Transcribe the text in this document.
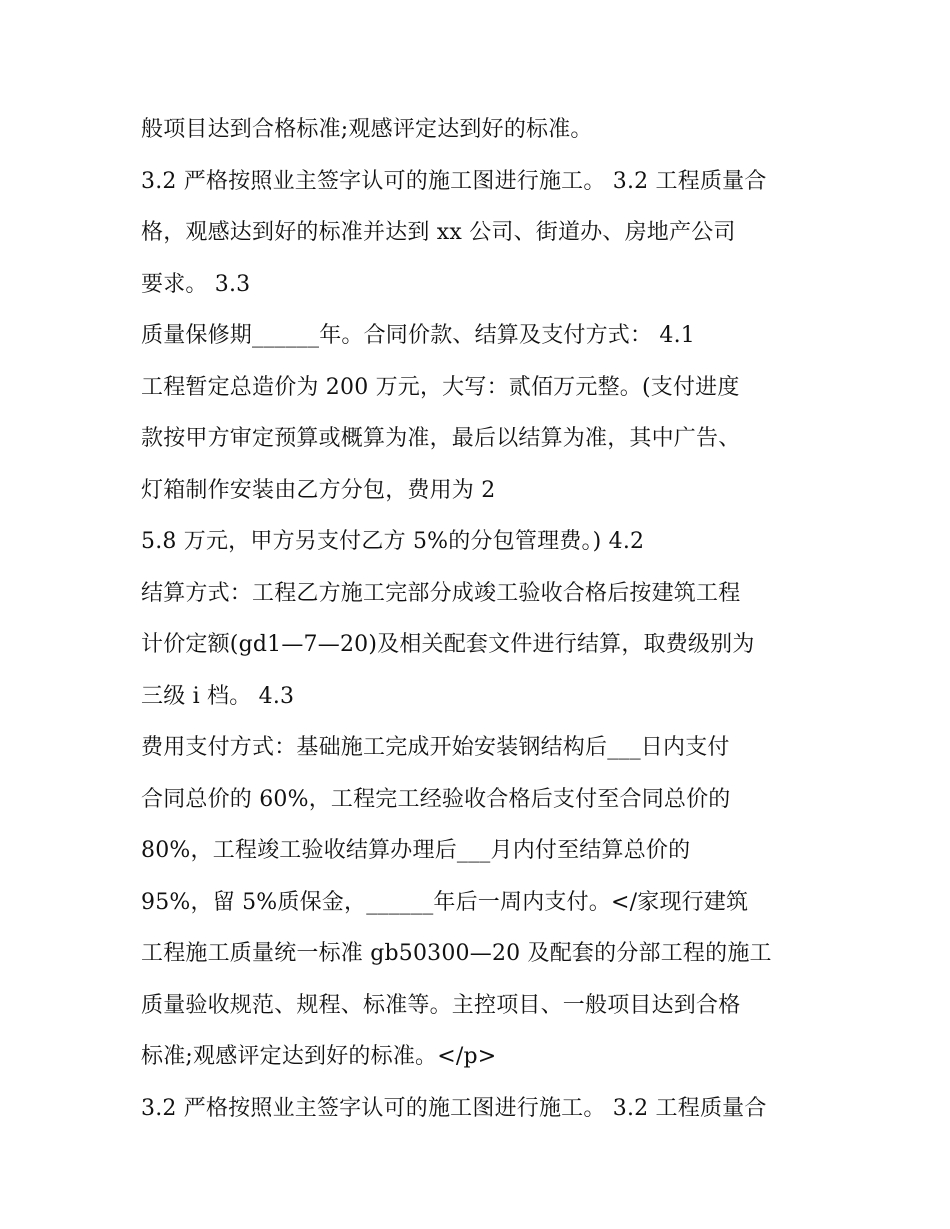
般项目达到合格标准;观感评定达到好的标准。
3.2 严格按照业主签字认可的施工图进行施工。 3.2 工程质量合
格，观感达到好的标准并达到 xx 公司、街道办、房地产公司
要求。 3.3
质量保修期______年。合同价款、结算及支付方式： 4.1
工程暂定总造价为 200 万元，大写：贰佰万元整。(支付进度
款按甲方审定预算或概算为准，最后以结算为准，其中广告、
灯箱制作安装由乙方分包，费用为 2
5.8 万元，甲方另支付乙方 5%的分包管理费。) 4.2
结算方式：工程乙方施工完部分成竣工验收合格后按建筑工程
计价定额(gd1—7—20)及相关配套文件进行结算，取费级别为
三级 i 档。 4.3
费用支付方式：基础施工完成开始安装钢结构后___日内支付
合同总价的 60%，工程完工经验收合格后支付至合同总价的
80%，工程竣工验收结算办理后___月内付至结算总价的
95%，留 5%质保金，______年后一周内支付。</家现行建筑
工程施工质量统一标准 gb50300—20 及配套的分部工程的施工
质量验收规范、规程、标准等。主控项目、一般项目达到合格
标准;观感评定达到好的标准。</p>
3.2 严格按照业主签字认可的施工图进行施工。 3.2 工程质量合
